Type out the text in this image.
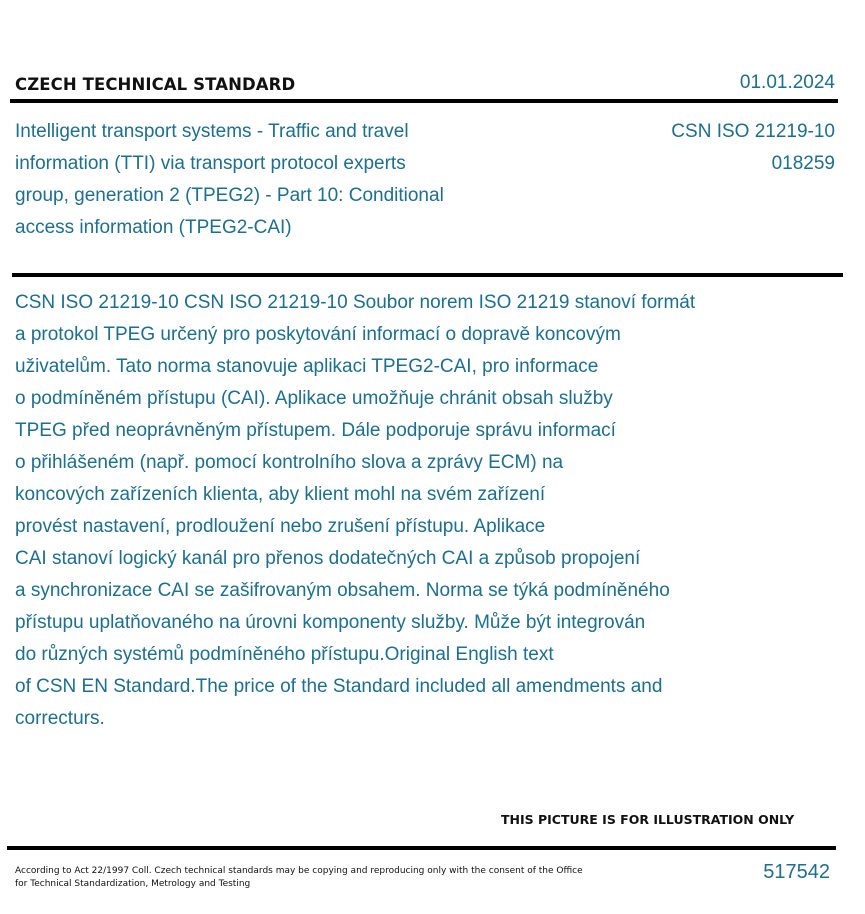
CZECH TECHNICAL STANDARD	01.01.2024
Intelligent transport systems - Traffic and travel
information (TTI) via transport protocol experts
group, generation 2 (TPEG2) - Part 10: Conditional
access information (TPEG2-CAI)
CSN ISO 21219-10
018259
CSN ISO 21219-10 CSN ISO 21219-10 Soubor norem ISO 21219 stanoví formát
a protokol TPEG určený pro poskytování informací o dopravě koncovým
uživatelům. Tato norma stanovuje aplikaci TPEG2-CAI, pro informace
o podmíněném přístupu (CAI). Aplikace umožňuje chránit obsah služby
TPEG před neoprávněným přístupem. Dále podporuje správu informací
o přihlášeném (např. pomocí kontrolního slova a zprávy ECM) na
koncových zařízeních klienta, aby klient mohl na svém zařízení
provést nastavení, prodloužení nebo zrušení přístupu. Aplikace
CAI stanoví logický kanál pro přenos dodatečných CAI a způsob propojení
a synchronizace CAI se zašifrovaným obsahem. Norma se týká podmíněného
přístupu uplatňovaného na úrovni komponenty služby. Může být integrován
do různých systémů podmíněného přístupu.Original English text
of CSN EN Standard.The price of the Standard included all amendments and
correcturs.
THIS PICTURE IS FOR ILLUSTRATION ONLY
According to Act 22/1997 Coll. Czech technical standards may be copying and reproducing only with the consent of the Office
for Technical Standardization, Metrology and Testing
517542
